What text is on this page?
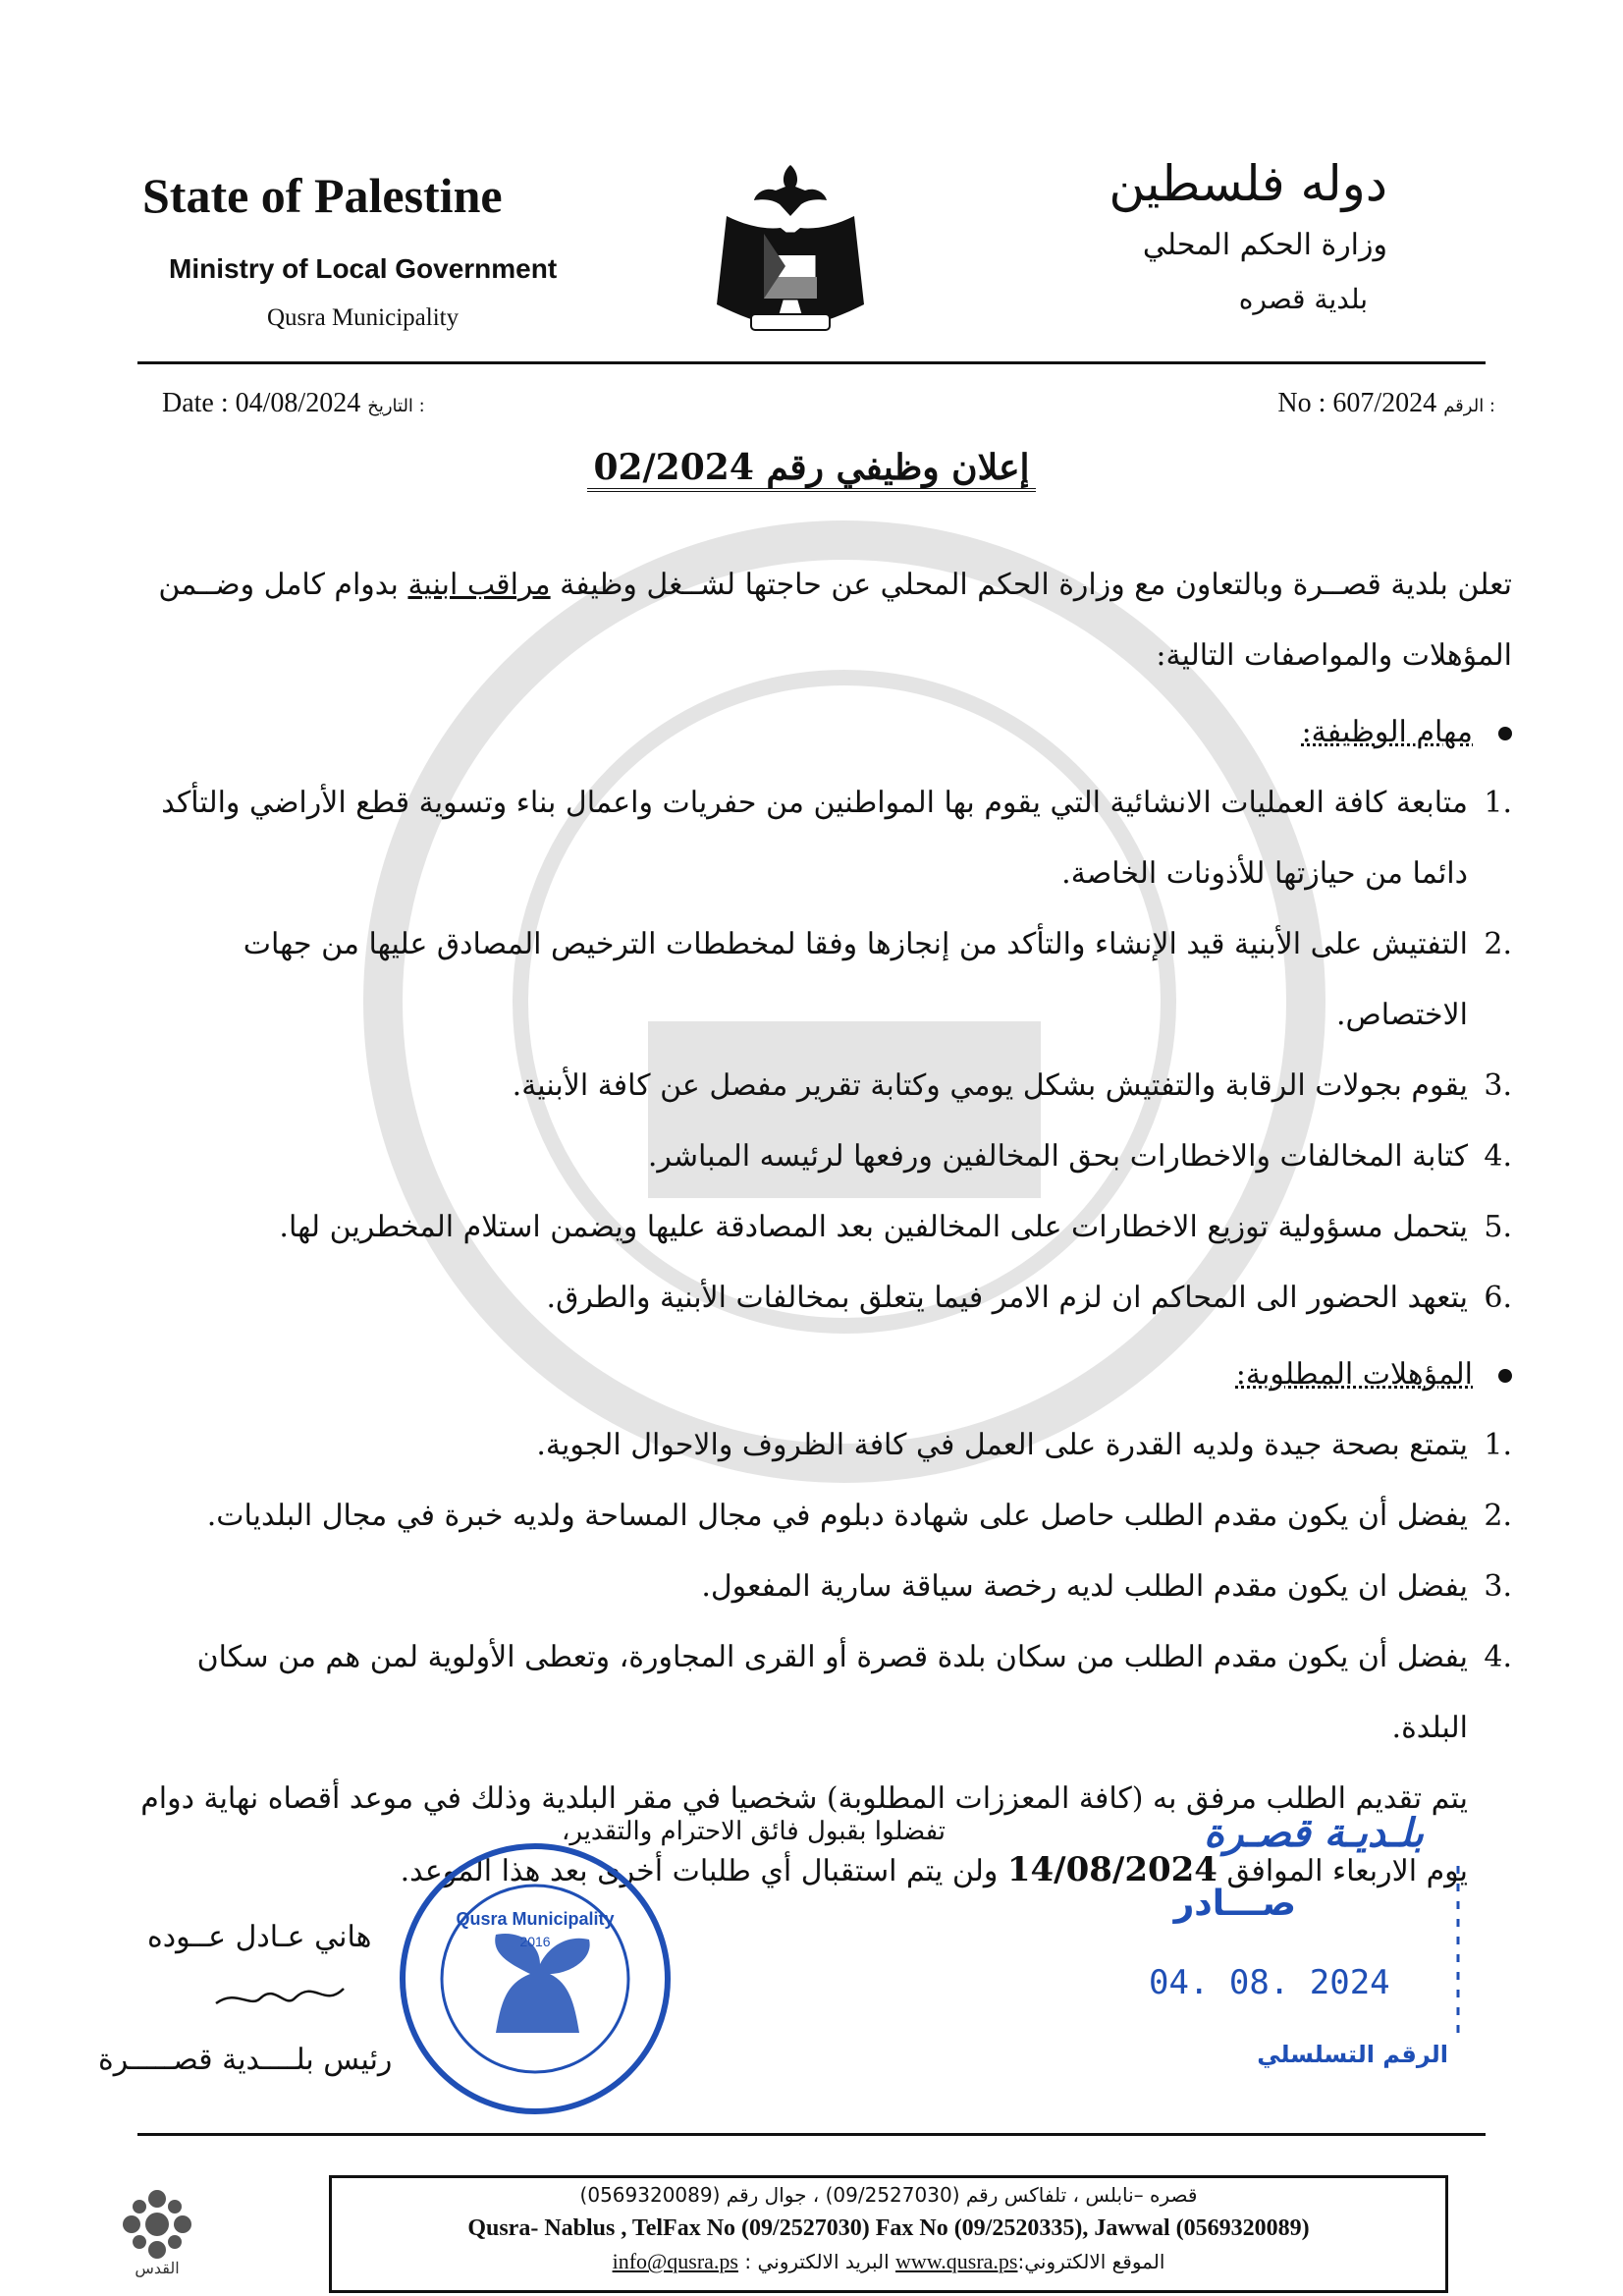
State of Palestine
Ministry of Local Government
Qusra Municipality
دوله فلسطين
وزارة الحكم المحلي
بلدية قصره
Date : 04/08/2024 التاريخ :	No : 607/2024 الرقم :
إعلان وظيفي رقم 02/2024

تعلن بلدية قصــرة وبالتعاون مع وزارة الحكم المحلي عن حاجتها لشــغل وظيفة مراقب ابنية بدوام كامل وضــمن المؤهلات والمواصفات التالية:

مهام الوظيفة:
.1
متابعة كافة العمليات الانشائية التي يقوم بها المواطنين من حفريات واعمال بناء وتسوية قطع الأراضي والتأكد دائما من حيازتها للأذونات الخاصة.
.2
التفتيش على الأبنية قيد الإنشاء والتأكد من إنجازها وفقا لمخططات الترخيص المصادق عليها من جهات الاختصاص.
.3
يقوم بجولات الرقابة والتفتيش بشكل يومي وكتابة تقرير مفصل عن كافة الأبنية.
.4
كتابة المخالفات والاخطارات بحق المخالفين ورفعها لرئيسه المباشر.
.5
يتحمل مسؤولية توزيع الاخطارات على المخالفين بعد المصادقة عليها ويضمن استلام المخطرين لها.
.6
يتعهد الحضور الى المحاكم ان لزم الامر فيما يتعلق بمخالفات الأبنية والطرق.
المؤهلات المطلوبة:
.1
يتمتع بصحة جيدة ولديه القدرة على العمل في كافة الظروف والاحوال الجوية.
.2
يفضل أن يكون مقدم الطلب حاصل على شهادة دبلوم في مجال المساحة ولديه خبرة في مجال البلديات.
.3
يفضل ان يكون مقدم الطلب لديه رخصة سياقة سارية المفعول.
.4
يفضل أن يكون مقدم الطلب من سكان بلدة قصرة أو القرى المجاورة، وتعطى الأولوية لمن هم من سكان البلدة.

يتم تقديم الطلب مرفق به (كافة المعززات المطلوبة) شخصيا في مقر البلدية وذلك في موعد أقصاه نهاية دوام يوم الاربعاء الموافق 14/08/2024 ولن يتم استقبال أي طلبات أخرى بعد هذا الموعد.

تفضلوا بقبول فائق الاحترام والتقدير،
Qusra Municipality
2016
هاني عـادل عــوده
رئيس بلــــدية قصـــــرة
بلـديـة قصـرة
صـــادر
04. 08. 2024
الرقم التسلسلي
القدس
قصره –نابلس ، تلفاكس رقم (09/2527030) ، جوال رقم (0569320089)
Qusra- Nablus , TelFax No (09/2527030) Fax No (09/2520335), Jawwal (0569320089)
الموقع الالكتروني:www.qusra.ps البريد الالكتروني : info@qusra.ps
